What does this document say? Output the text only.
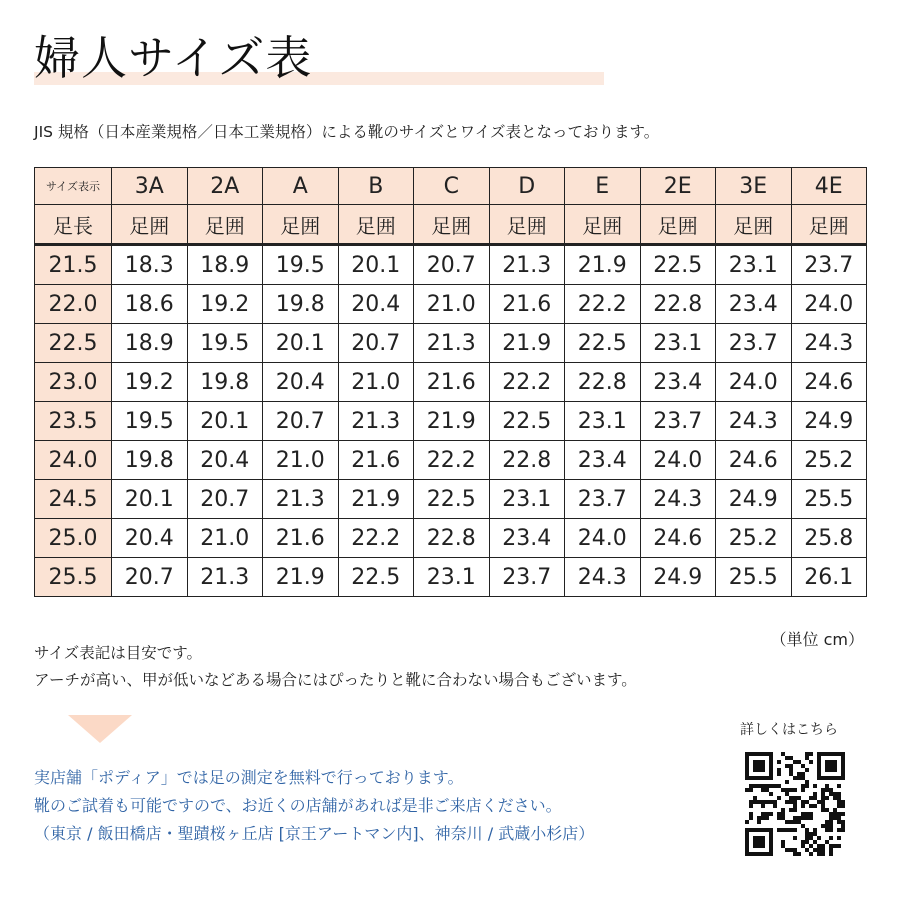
婦人サイズ表
JIS 規格（日本産業規格／日本工業規格）による靴のサイズとワイズ表となっております。
サイズ表示	3A	2A	A	B	C	D	E	2E	3E	4E
足長	足囲	足囲	足囲	足囲	足囲	足囲	足囲	足囲	足囲	足囲
21.5	18.3	18.9	19.5	20.1	20.7	21.3	21.9	22.5	23.1	23.7
22.0	18.6	19.2	19.8	20.4	21.0	21.6	22.2	22.8	23.4	24.0
22.5	18.9	19.5	20.1	20.7	21.3	21.9	22.5	23.1	23.7	24.3
23.0	19.2	19.8	20.4	21.0	21.6	22.2	22.8	23.4	24.0	24.6
23.5	19.5	20.1	20.7	21.3	21.9	22.5	23.1	23.7	24.3	24.9
24.0	19.8	20.4	21.0	21.6	22.2	22.8	23.4	24.0	24.6	25.2
24.5	20.1	20.7	21.3	21.9	22.5	23.1	23.7	24.3	24.9	25.5
25.0	20.4	21.0	21.6	22.2	22.8	23.4	24.0	24.6	25.2	25.8
25.5	20.7	21.3	21.9	22.5	23.1	23.7	24.3	24.9	25.5	26.1
（単位 cm）
サイズ表記は目安です。
アーチが高い、甲が低いなどある場合にはぴったりと靴に合わない場合もございます。
実店舗「ポディア」では足の測定を無料で行っております。
靴のご試着も可能ですので、お近くの店舗があれば是非ご来店ください。
（東京 / 飯田橋店・聖蹟桜ヶ丘店 [京王アートマン内]、神奈川 / 武蔵小杉店）
詳しくはこちら
